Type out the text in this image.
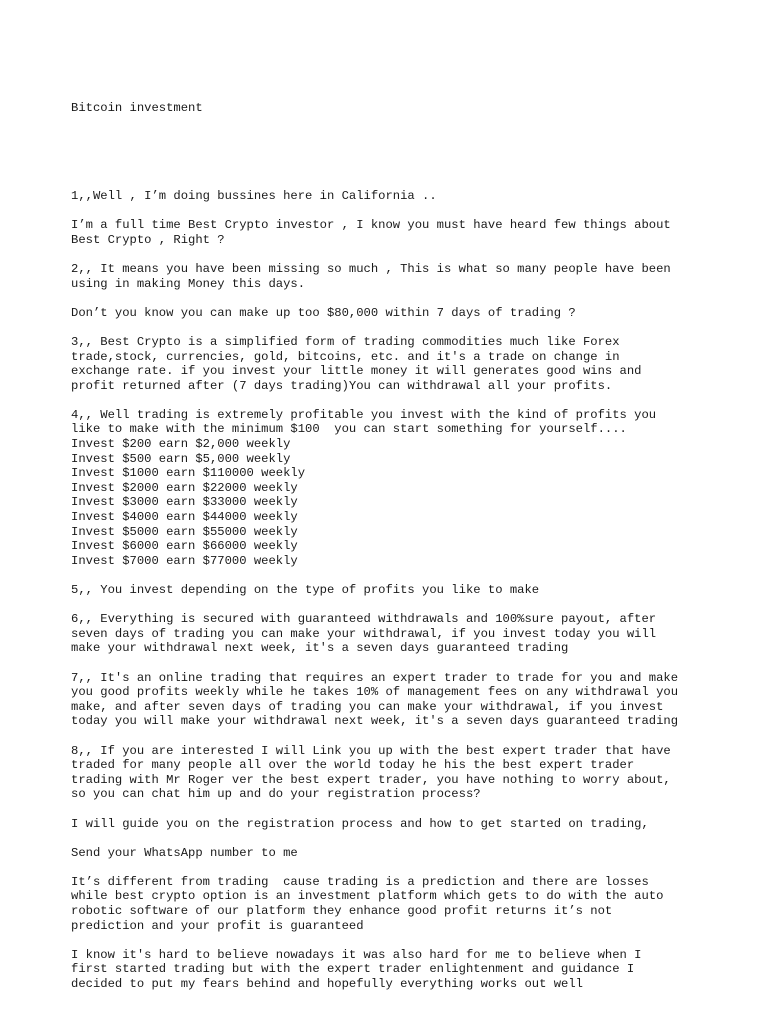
Bitcoin investment

1,,Well , I’m doing bussines here in California ..
I’m a full time Best Crypto investor , I know you must have heard few things about
Best Crypto , Right ?
2,, It means you have been missing so much , This is what so many people have been
using in making Money this days.
Don’t you know you can make up too $80,000 within 7 days of trading ?
3,, Best Crypto is a simplified form of trading commodities much like Forex
trade,stock, currencies, gold, bitcoins, etc. and it's a trade on change in
exchange rate. if you invest your little money it will generates good wins and
profit returned after (7 days trading)You can withdrawal all your profits.
4,, Well trading is extremely profitable you invest with the kind of profits you
like to make with the minimum $100  you can start something for yourself....
Invest $200 earn $2,000 weekly
Invest $500 earn $5,000 weekly
Invest $1000 earn $110000 weekly
Invest $2000 earn $22000 weekly
Invest $3000 earn $33000 weekly
Invest $4000 earn $44000 weekly
Invest $5000 earn $55000 weekly
Invest $6000 earn $66000 weekly
Invest $7000 earn $77000 weekly
5,, You invest depending on the type of profits you like to make
6,, Everything is secured with guaranteed withdrawals and 100%sure payout, after
seven days of trading you can make your withdrawal, if you invest today you will
make your withdrawal next week, it's a seven days guaranteed trading
7,, It's an online trading that requires an expert trader to trade for you and make
you good profits weekly while he takes 10% of management fees on any withdrawal you
make, and after seven days of trading you can make your withdrawal, if you invest
today you will make your withdrawal next week, it's a seven days guaranteed trading
8,, If you are interested I will Link you up with the best expert trader that have
traded for many people all over the world today he his the best expert trader
trading with Mr Roger ver the best expert trader, you have nothing to worry about,
so you can chat him up and do your registration process?
I will guide you on the registration process and how to get started on trading,
Send your WhatsApp number to me
It’s different from trading  cause trading is a prediction and there are losses
while best crypto option is an investment platform which gets to do with the auto
robotic software of our platform they enhance good profit returns it’s not
prediction and your profit is guaranteed
I know it's hard to believe nowadays it was also hard for me to believe when I
first started trading but with the expert trader enlightenment and guidance I
decided to put my fears behind and hopefully everything works out well
